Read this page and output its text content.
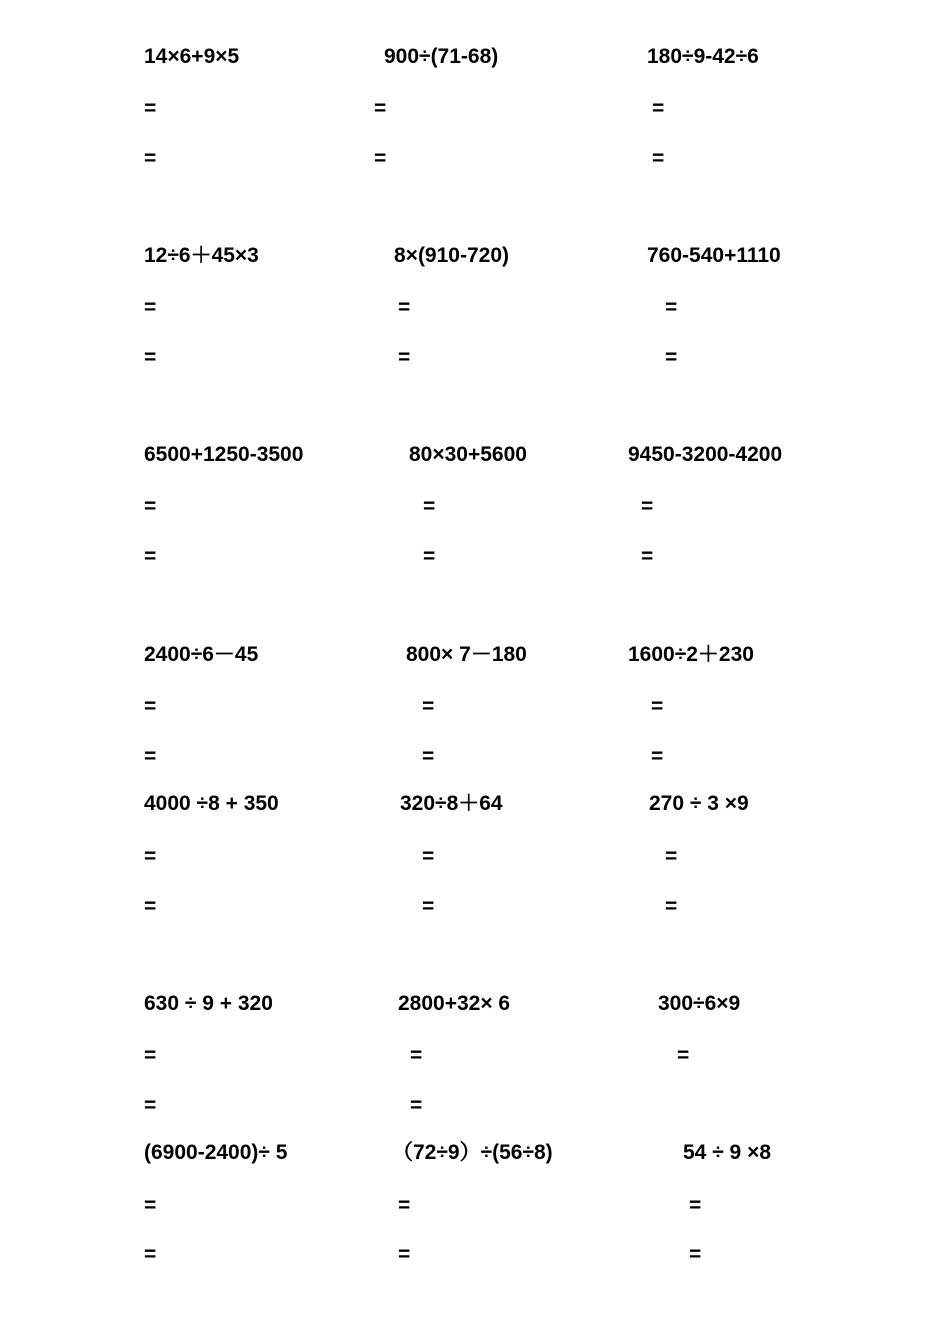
14×6+9×5
=
=
900÷(71-68)
=
=
180÷9-42÷6
=
=
12÷6＋45×3
=
=
8×(910-720)
=
=
760-540+1110
=
=
6500+1250-3500
=
=
80×30+5600
=
=
9450-3200-4200
=
=
2400÷6－45
=
=
800× 7－180
=
=
1600÷2＋230
=
=
4000 ÷8 + 350
=
=
320÷8＋64
=
=
270 ÷ 3 ×9
=
=
630 ÷ 9 + 320
=
=
2800+32× 6
=
=
300÷6×9
=
(6900-2400)÷ 5
=
=
（72÷9）÷(56÷8)
=
=
54 ÷ 9 ×8
=
=
